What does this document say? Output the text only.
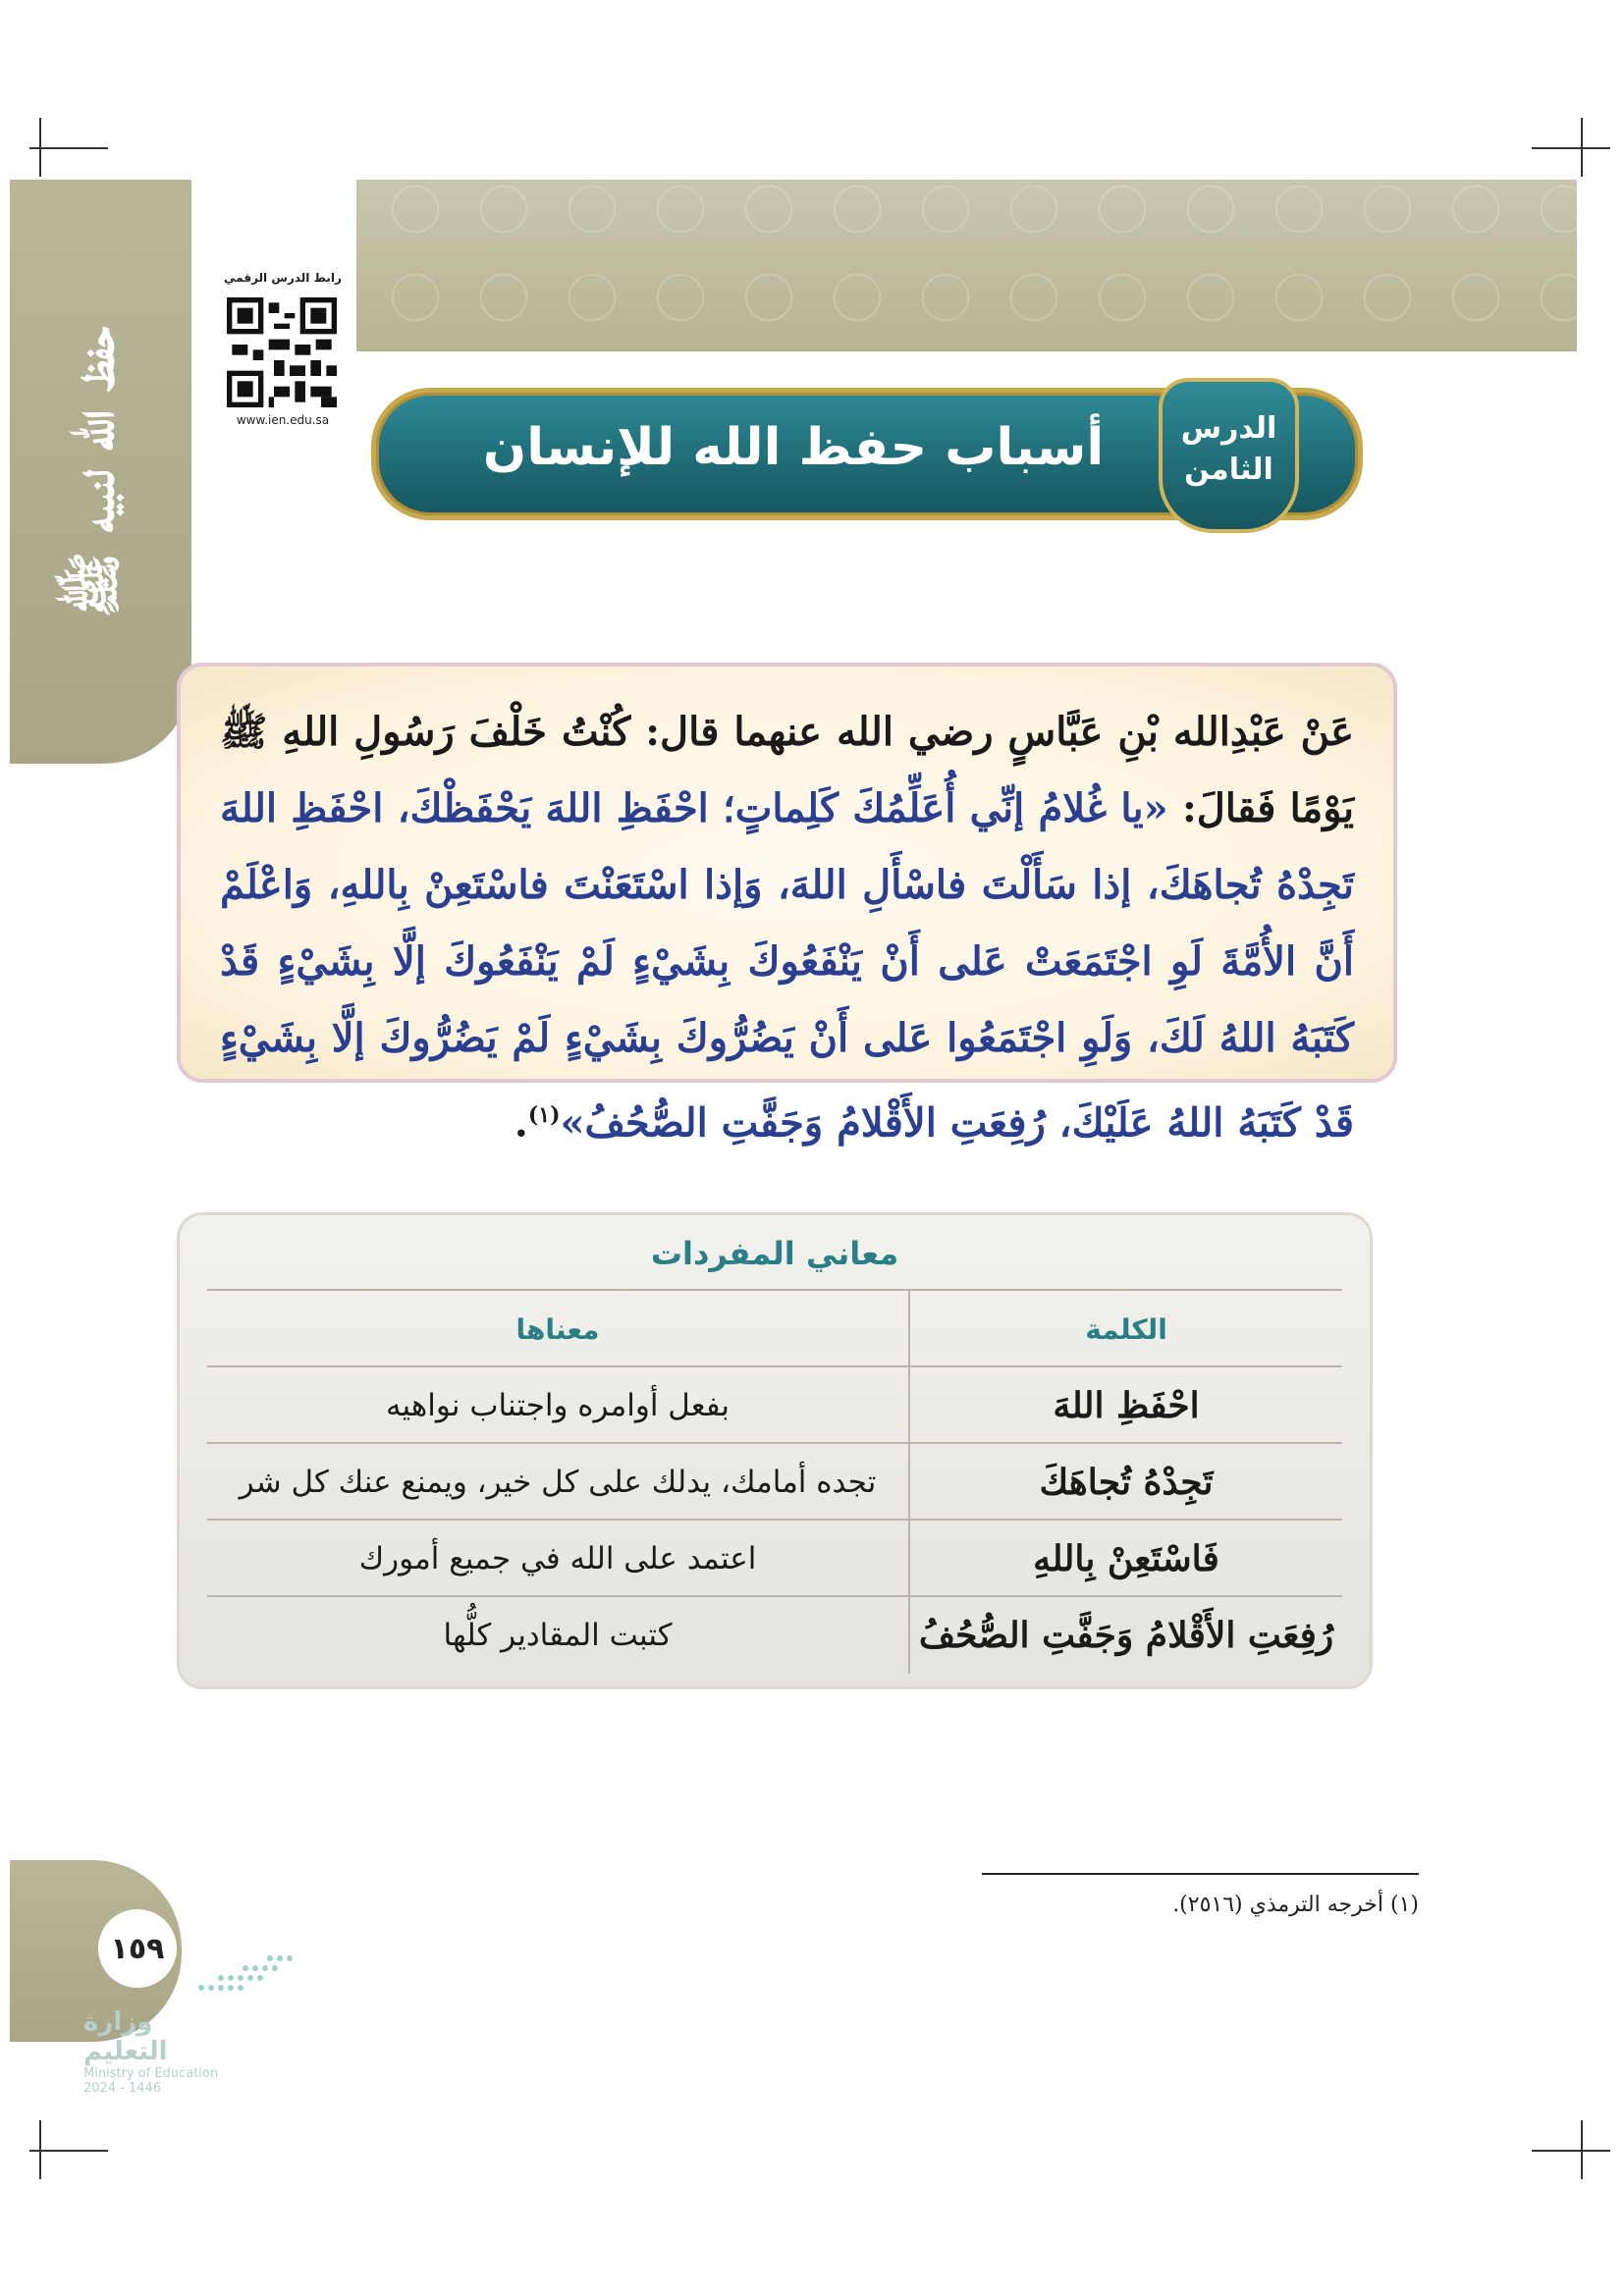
حفظ الله لنبيه ﷺ
رابط الدرس الرقمي
www.ien.edu.sa	أسباب حفظ الله للإنسان	الدرس
الثامن
عَنْ عَبْدِالله بْنِ عَبَّاسٍ رضي الله عنهما قال: كُنْتُ خَلْفَ رَسُولِ اللهِ ﷺ يَوْمًا فَقالَ: «يا غُلامُ إنِّي أُعَلِّمُكَ كَلِماتٍ؛ احْفَظِ اللهَ يَحْفَظْكَ، احْفَظِ اللهَ تَجِدْهُ تُجاهَكَ، إذا سَأَلْتَ فاسْأَلِ اللهَ، وَإذا اسْتَعَنْتَ فاسْتَعِنْ بِاللهِ، وَاعْلَمْ أَنَّ الأُمَّةَ لَوِ اجْتَمَعَتْ عَلى أَنْ يَنْفَعُوكَ بِشَيْءٍ لَمْ يَنْفَعُوكَ إلَّا بِشَيْءٍ قَدْ كَتَبَهُ اللهُ لَكَ، وَلَوِ اجْتَمَعُوا عَلى أَنْ يَضُرُّوكَ بِشَيْءٍ لَمْ يَضُرُّوكَ إلَّا بِشَيْءٍ قَدْ كَتَبَهُ اللهُ عَلَيْكَ، رُفِعَتِ الأَقْلامُ وَجَفَّتِ الصُّحُفُ»$^{(١)}$.
معاني المفردات
الكلمة
معناها
احْفَظِ اللهَ
بفعل أوامره واجتناب نواهيه
تَجِدْهُ تُجاهَكَ
تجده أمامك، يدلك على كل خير، ويمنع عنك كل شر
فَاسْتَعِنْ بِاللهِ
اعتمد على الله في جميع أمورك
رُفِعَتِ الأَقْلامُ وَجَفَّتِ الصُّحُفُ
كتبت المقادير كلُّها
(١) أخرجه الترمذي (٢٥١٦).
١٥٩
وزارة التعليم
Ministry of Education
2024 - 1446
